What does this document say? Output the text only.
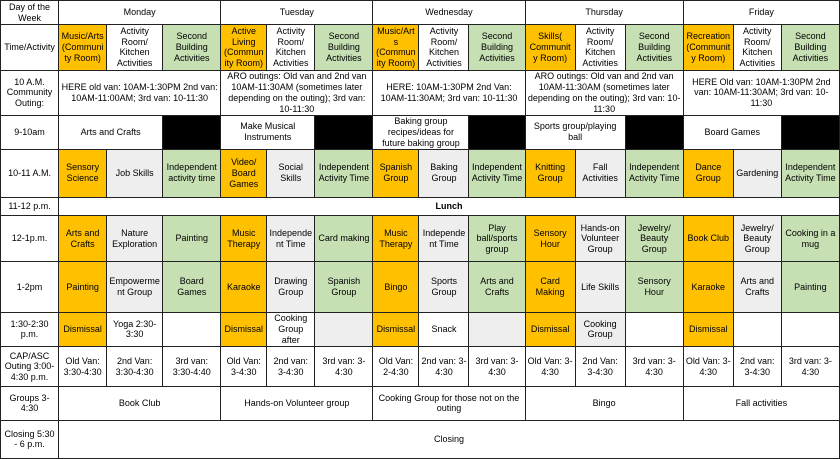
Day of the Week	Monday			Tuesday			Wednesday			Thursday			Friday		
Time/Activity	Music/Arts (Community Room)	Activity Room/ Kitchen Activities	Second Building Activities	Active Living (Community Room)	Activity Room/ Kitchen Activities	Second Building Activities	Music/Arts (Community Room)	Activity Room/ Kitchen Activities	Second Building Activities	Skills( Community Room)	Activity Room/ Kitchen Activities	Second Building Activities	Recreation (Community Room)	Activity Room/ Kitchen Activities	Second Building Activities
10 A.M. Community Outing:	HERE old van: 10AM-1:30PM 2nd van: 10AM-11:00AM; 3rd van: 10-11:30			ARO outings: Old van and 2nd van 10AM-11:30AM (sometimes later depending on the outing); 3rd van: 10-11:30			HERE: 10AM-1:30PM 2nd Van: 10AM-11:30AM; 3rd van: 10-11:30			ARO outings: Old van and 2nd van 10AM-11:30AM (sometimes later depending on the outing); 3rd van: 10-11:30			HERE Old van: 10AM-1:30PM 2nd van: 10AM-11:30AM; 3rd van: 10-11:30		
9-10am	Arts and Crafts			Make Musical Instruments			Baking group recipes/ideas for future baking group			Sports group/playing ball			Board Games		
10-11 A.M.	Sensory Science	Job Skills	Independent activity time	Video/ Board Games	Social Skills	Independent Activity Time	Spanish Group	Baking Group	Independent Activity Time	Knitting Group	Fall Activities	Independent Activity Time	Dance Group	Gardening	Independent Activity Time
11-12 p.m.	Lunch														
12-1p.m.	Arts and Crafts	Nature Exploration	Painting	Music Therapy	Independent Time	Card making	Music Therapy	Independent Time	Play ball/sports group	Sensory Hour	Hands-on Volunteer Group	Jewelry/ Beauty Group	Book Club	Jewelry/ Beauty Group	Cooking in a mug
1-2pm	Painting	Empowerment Group	Board Games	Karaoke	Drawing Group	Spanish Group	Bingo	Sports Group	Arts and Crafts	Card Making	Life Skills	Sensory Hour	Karaoke	Arts and Crafts	Painting
1:30-2:30 p.m.	Dismissal	Yoga 2:30-3:30		Dismissal	Cooking Group after		Dismissal	Snack		Dismissal	Cooking Group		Dismissal		
CAP/ASC Outing 3:00-4:30 p.m.	Old Van: 3:30-4:30	2nd Van: 3:30-4:30	3rd van: 3:30-4:40	Old Van: 3-4:30	2nd van: 3-4:30	3rd van: 3-4:30	Old Van: 2-4:30	2nd van: 3-4:30	3rd van: 3-4:30	Old Van: 3-4:30	2nd Van: 3-4:30	3rd van: 3-4:30	Old Van: 3-4:30	2nd van: 3-4:30	3rd van: 3-4:30
Groups 3-4:30	Book Club			Hands-on Volunteer group			Cooking Group for those not on the outing			Bingo			Fall activities		
Closing 5:30 - 6 p.m.	Closing														
